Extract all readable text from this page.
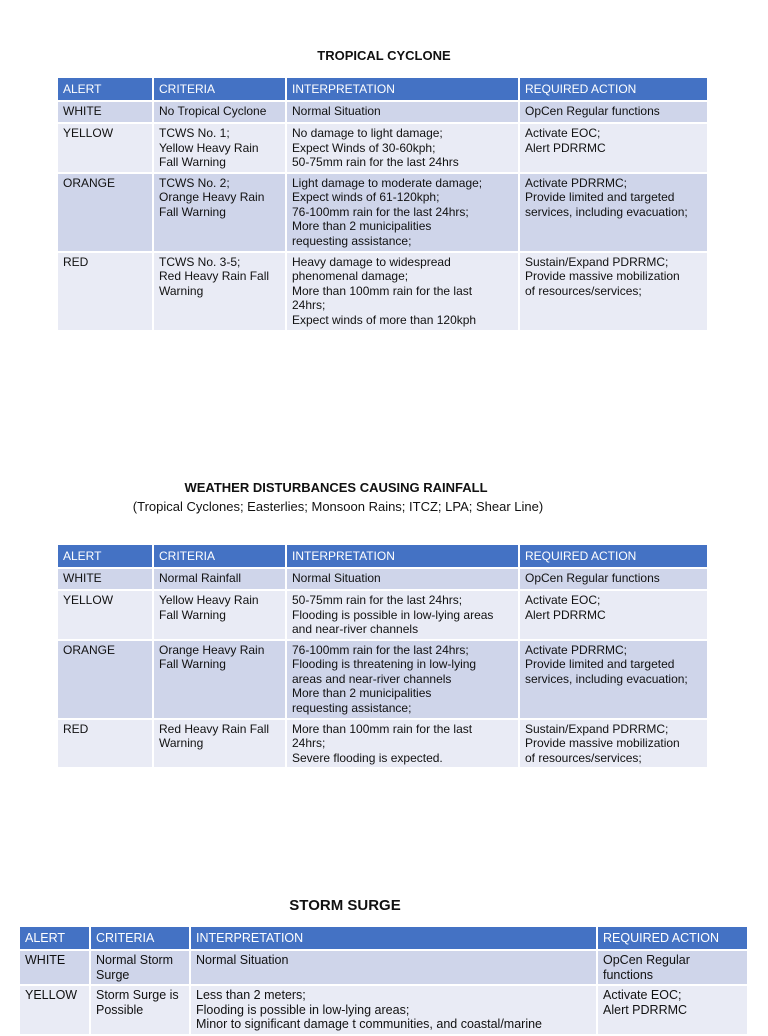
TROPICAL CYCLONE
ALERT	CRITERIA	INTERPRETATION	REQUIRED ACTION
WHITE	No Tropical Cyclone	Normal Situation	OpCen Regular functions
YELLOW	TCWS No. 1;
Yellow Heavy Rain
Fall Warning	No damage to light damage;
Expect Winds of 30-60kph;
50-75mm rain for the last 24hrs	Activate EOC;
Alert PDRRMC
ORANGE	TCWS No. 2;
Orange Heavy Rain
Fall Warning	Light damage to moderate damage;
Expect winds of 61-120kph;
76-100mm rain for the last 24hrs;
More than 2 municipalities
requesting assistance;	Activate PDRRMC;
Provide limited and targeted
services, including evacuation;
RED	TCWS No. 3-5;
Red Heavy Rain Fall
Warning	Heavy damage to widespread
phenomenal damage;
More than 100mm rain for the last
24hrs;
Expect winds of more than 120kph	Sustain/Expand PDRRMC;
Provide massive mobilization
of resources/services;
WEATHER DISTURBANCES CAUSING RAINFALL
(Tropical Cyclones; Easterlies; Monsoon Rains; ITCZ; LPA; Shear Line)
ALERT	CRITERIA	INTERPRETATION	REQUIRED ACTION
WHITE	Normal Rainfall	Normal Situation	OpCen Regular functions
YELLOW	Yellow Heavy Rain
Fall Warning	50-75mm rain for the last 24hrs;
Flooding is possible in low-lying areas
and near-river channels	Activate EOC;
Alert PDRRMC
ORANGE	Orange Heavy Rain
Fall Warning	76-100mm rain for the last 24hrs;
Flooding is threatening in low-lying
areas and near-river channels
More than 2 municipalities
requesting assistance;	Activate PDRRMC;
Provide limited and targeted
services, including evacuation;
RED	Red Heavy Rain Fall
Warning	More than 100mm rain for the last
24hrs;
Severe flooding is expected.	Sustain/Expand PDRRMC;
Provide massive mobilization
of resources/services;
STORM SURGE
ALERT	CRITERIA	INTERPRETATION	REQUIRED ACTION
WHITE	Normal Storm
Surge	Normal Situation	OpCen Regular
functions
YELLOW	Storm Surge is
Possible	Less than 2 meters;
Flooding is possible in low-lying areas;
Minor to significant damage t communities, and coastal/marine	Activate EOC;
Alert PDRRMC
